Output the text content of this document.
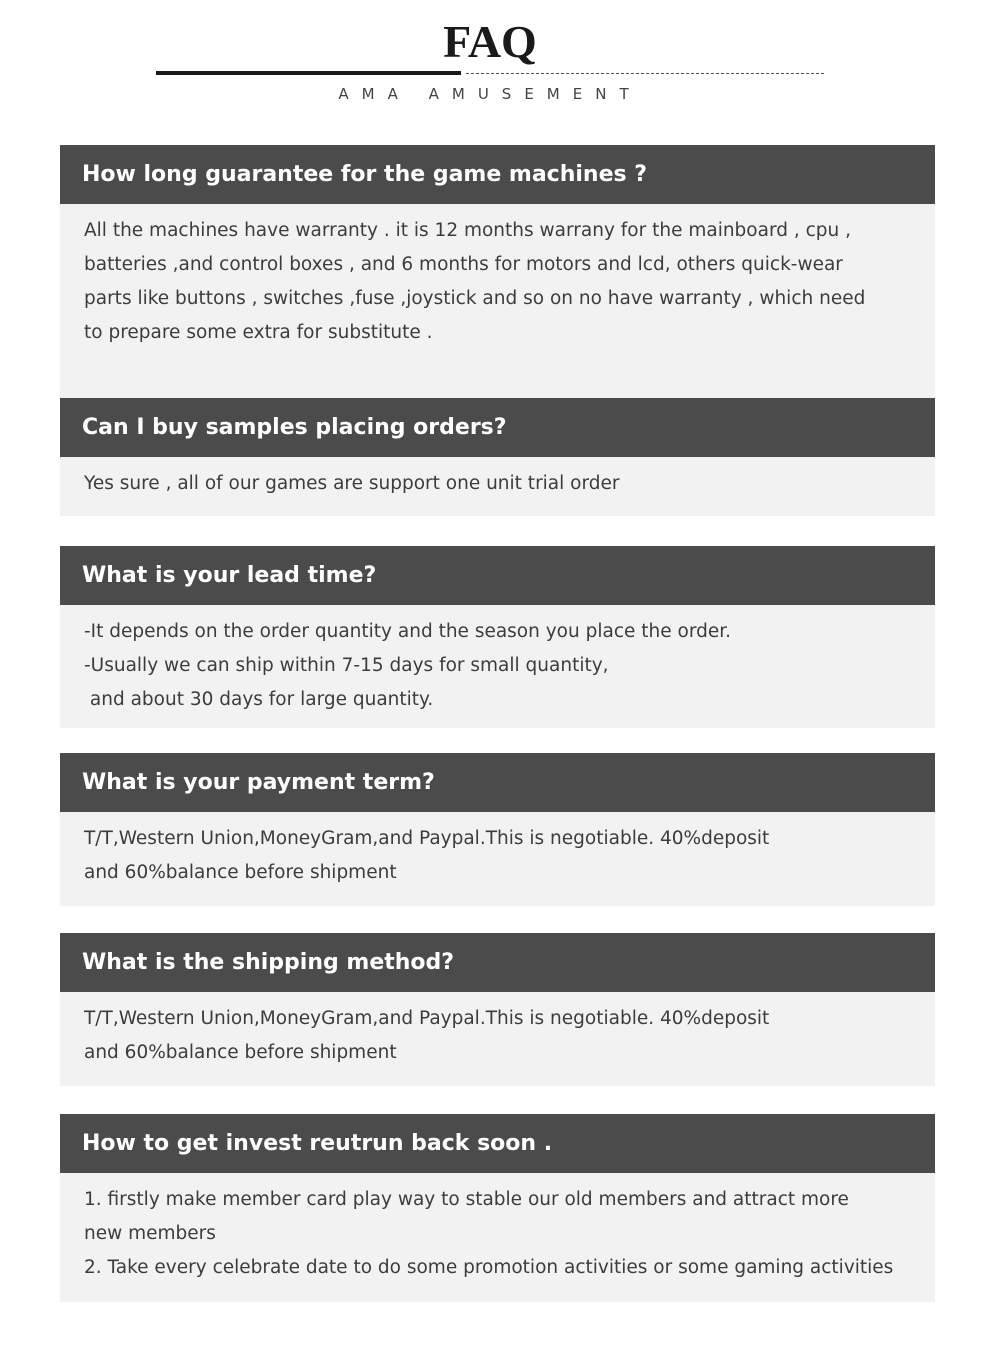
FAQ
AMA AMUSEMENT
How long guarantee for the game machines ?
All the machines have warranty . it is 12 months warrany for the mainboard , cpu ,
batteries ,and control boxes , and 6 months for motors and lcd, others quick-wear
parts like buttons , switches ,fuse ,joystick and so on no have warranty , which need
to prepare some extra for substitute .
Can I buy samples placing orders?
Yes sure , all of our games are support one unit trial order
What is your lead time?
-It depends on the order quantity and the season you place the order.
-Usually we can ship within 7-15 days for small quantity,
and about 30 days for large quantity.
What is your payment term?
T/T,Western Union,MoneyGram,and Paypal.This is negotiable. 40%deposit
and 60%balance before shipment
What is the shipping method?
T/T,Western Union,MoneyGram,and Paypal.This is negotiable. 40%deposit
and 60%balance before shipment
How to get invest reutrun back soon .
1. firstly make member card play way to stable our old members and attract more
new members
2. Take every celebrate date to do some promotion activities or some gaming activities
